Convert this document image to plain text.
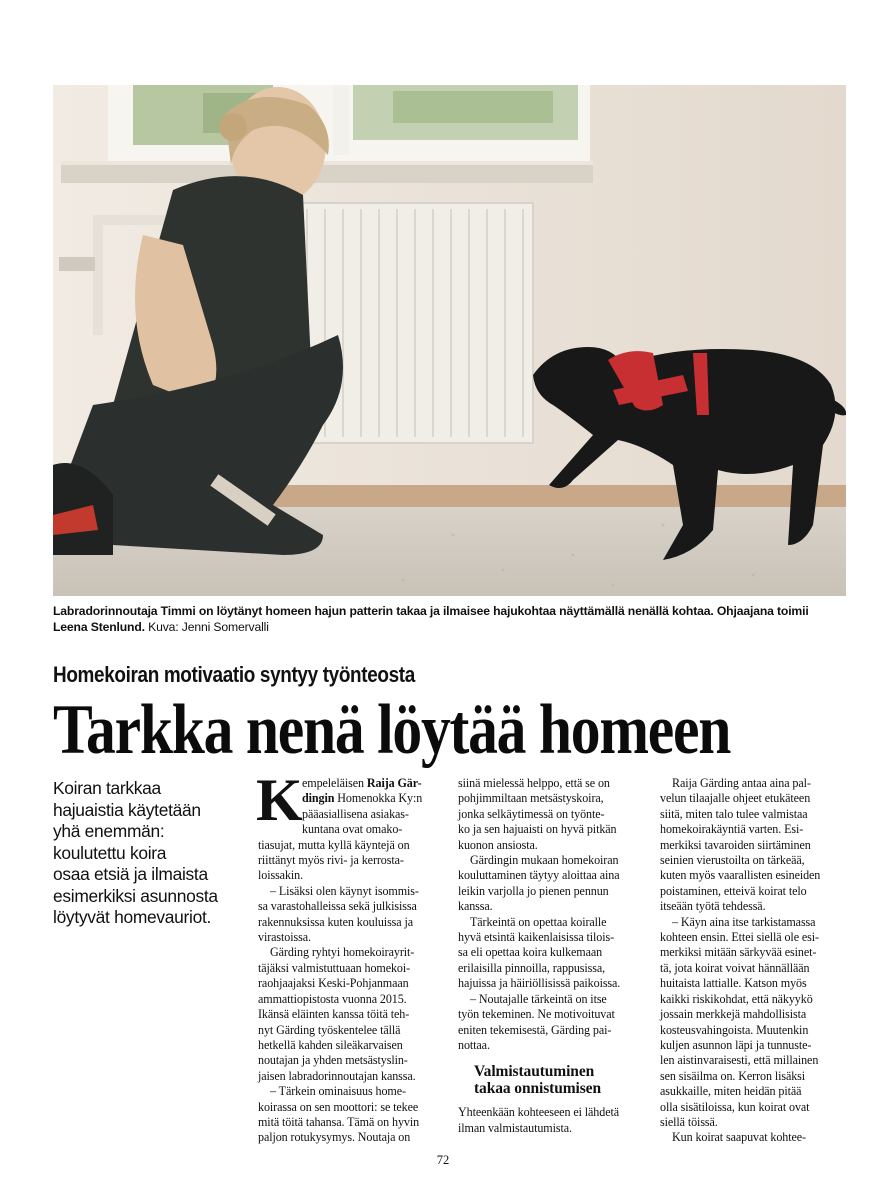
Labradorinnoutaja Timmi on löytänyt homeen hajun patterin takaa ja ilmaisee hajukohtaa näyttämällä nenällä kohtaa. Ohjaajana toimii Leena Stenlund. Kuva: Jenni Somervalli
Homekoiran motivaatio syntyy työnteosta
Tarkka nenä löytää homeen

Koiran tarkkaa

hajuaistia käytetään

yhä enemmän:

koulutettu koira

osaa etsiä ja ilmaista

esimerkiksi asunnosta

löytyvät homevauriot.

K empeleläisen Raija Gär-

dingin Homenokka Ky:n

pääasiallisena asiakas-

kuntana ovat omako-

tiasujat, mutta kyllä käyntejä on

riittänyt myös rivi- ja kerrosta-

loissakin.

– Lisäksi olen käynyt isommis-

sa varastohalleissa sekä julkisissa

rakennuksissa kuten kouluissa ja

virastoissa.

Gärding ryhtyi homekoirayrit-

täjäksi valmistuttuaan homekoi-

raohjaajaksi Keski-Pohjanmaan

ammattiopistosta vuonna 2015.

Ikänsä eläinten kanssa töitä teh-

nyt Gärding työskentelee tällä

hetkellä kahden sileäkarvaisen

noutajan ja yhden metsästyslin-

jaisen labradorinnoutajan kanssa.

– Tärkein ominaisuus home-

koirassa on sen moottori: se tekee

mitä töitä tahansa. Tämä on hyvin

paljon rotukysymys. Noutaja on

siinä mielessä helppo, että se on

pohjimmiltaan metsästyskoira,

jonka selkäytimessä on työnte-

ko ja sen hajuaisti on hyvä pitkän

kuonon ansiosta.

Gärdingin mukaan homekoiran

kouluttaminen täytyy aloittaa aina

leikin varjolla jo pienen pennun

kanssa.

Tärkeintä on opettaa koiralle

hyvä etsintä kaikenlaisissa tilois-

sa eli opettaa koira kulkemaan

erilaisilla pinnoilla, rappusissa,

hajuissa ja häiriöllisissä paikoissa.

– Noutajalle tärkeintä on itse

työn tekeminen. Ne motivoituvat

eniten tekemisestä, Gärding pai-

nottaa.

Valmistautuminen
takaa onnistumisen

Yhteenkään kohteeseen ei lähdetä

ilman valmistautumista.

Raija Gärding antaa aina pal-

velun tilaajalle ohjeet etukäteen

siitä, miten talo tulee valmistaa

homekoirakäyntiä varten. Esi-

merkiksi tavaroiden siirtäminen

seinien vierustoilta on tärkeää,

kuten myös vaarallisten esineiden

poistaminen, etteivä koirat telo

itseään työtä tehdessä.

– Käyn aina itse tarkistamassa

kohteen ensin. Ettei siellä ole esi-

merkiksi mitään särkyvää esinet-

tä, jota koirat voivat hännällään

huitaista lattialle. Katson myös

kaikki riskikohdat, että näkyykö

jossain merkkejä mahdollisista

kosteusvahingoista. Muutenkin

kuljen asunnon läpi ja tunnuste-

len aistinvaraisesti, että millainen

sen sisäilma on. Kerron lisäksi

asukkaille, miten heidän pitää

olla sisätiloissa, kun koirat ovat

siellä töissä.

Kun koirat saapuvat kohtee-

72
